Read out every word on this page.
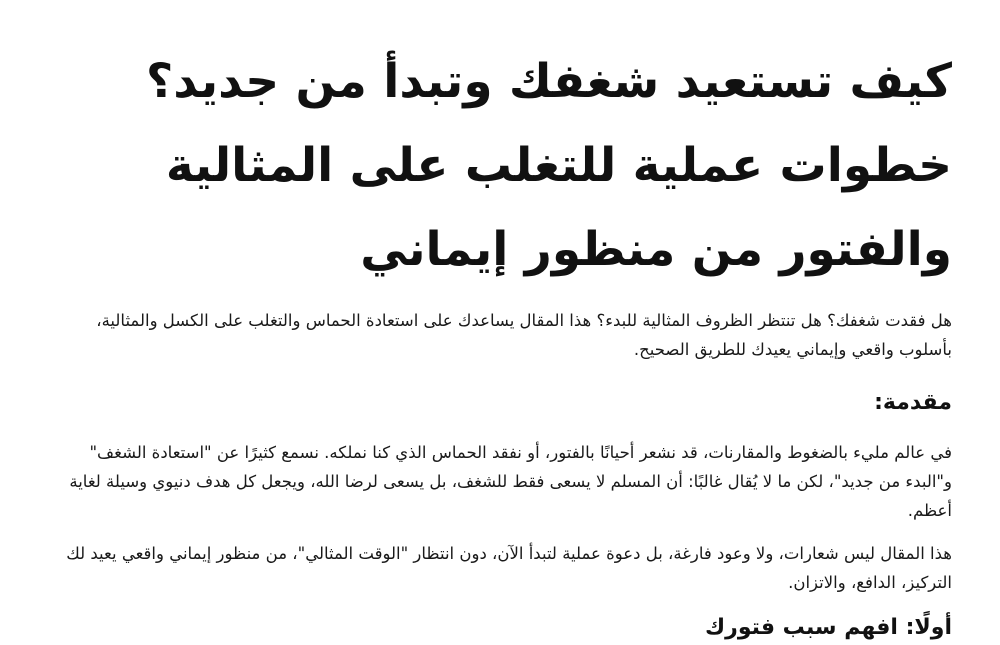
كيف تستعيد شغفك وتبدأ من جديد؟ خطوات عملية للتغلب على المثالية والفتور من منظور إيماني

هل فقدت شغفك؟ هل تنتظر الظروف المثالية للبدء؟ هذا المقال يساعدك على استعادة الحماس والتغلب على الكسل والمثالية، بأسلوب واقعي وإيماني يعيدك للطريق الصحيح.

مقدمة:

في عالم مليء بالضغوط والمقارنات، قد نشعر أحيانًا بالفتور، أو نفقد الحماس الذي كنا نملكه. نسمع كثيرًا عن "استعادة الشغف" و"البدء من جديد"، لكن ما لا يُقال غالبًا: أن المسلم لا يسعى فقط للشغف، بل يسعى لرضا الله، ويجعل كل هدف دنيوي وسيلة لغاية أعظم.

هذا المقال ليس شعارات، ولا وعود فارغة، بل دعوة عملية لتبدأ الآن، دون انتظار "الوقت المثالي"، من منظور إيماني واقعي يعيد لك التركيز، الدافع، والاتزان.

أولًا: افهم سبب فتورك
